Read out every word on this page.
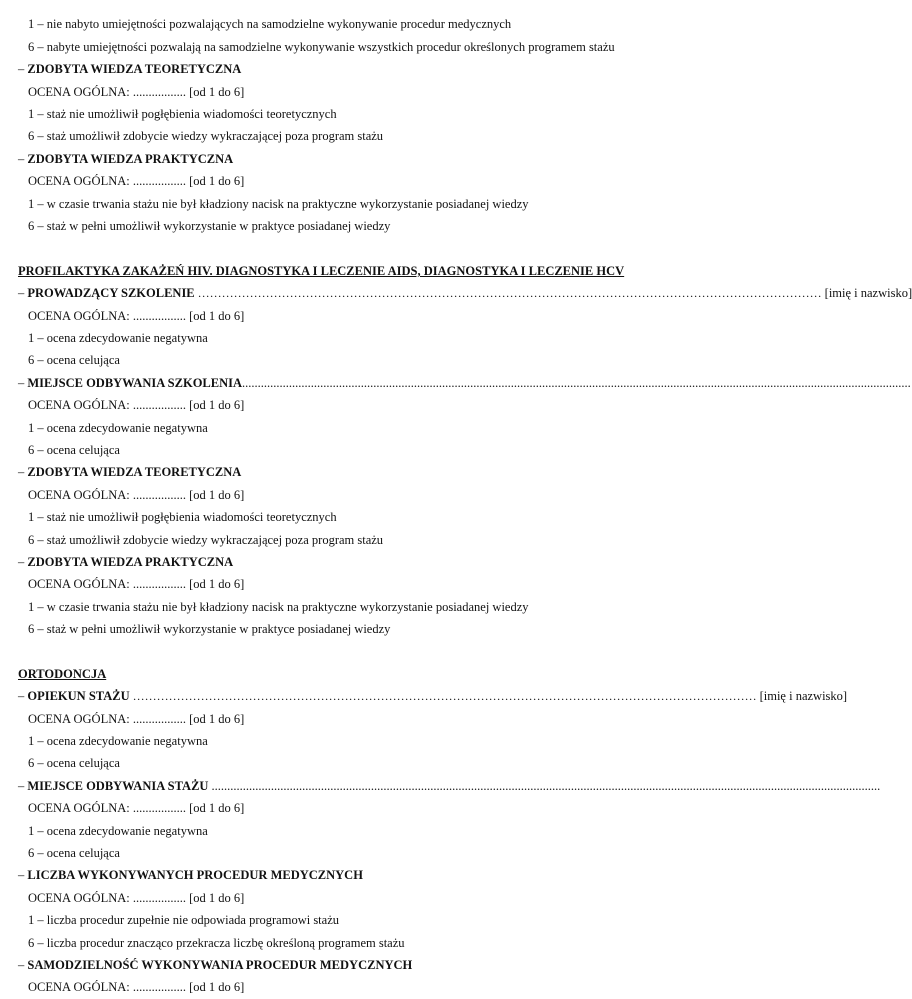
1 – nie nabyto umiejętności pozwalających na samodzielne wykonywanie procedur medycznych
6 – nabyte umiejętności pozwalają na samodzielne wykonywanie wszystkich procedur określonych programem stażu
– ZDOBYTA WIEDZA TEORETYCZNA
OCENA OGÓLNA: ................. [od 1 do 6]
1 – staż nie umożliwił pogłębienia wiadomości teoretycznych
6 – staż umożliwił zdobycie wiedzy wykraczającej poza program stażu
– ZDOBYTA WIEDZA PRAKTYCZNA
OCENA OGÓLNA: ................. [od 1 do 6]
1 – w czasie trwania stażu nie był kładziony nacisk na praktyczne wykorzystanie posiadanej wiedzy
6 – staż w pełni umożliwił wykorzystanie w praktyce posiadanej wiedzy
PROFILAKTYKA ZAKAŻEŃ HIV. DIAGNOSTYKA I LECZENIE AIDS, DIAGNOSTYKA I LECZENIE HCV
– PROWADZĄCY SZKOLENIE ………………………………………………………………………………………………………………………………………… [imię i nazwisko]
OCENA OGÓLNA: ................. [od 1 do 6]
1 – ocena zdecydowanie negatywna
6 – ocena celująca
– MIEJSCE ODBYWANIA SZKOLENIA ......................................................................................................................................................................................................................
OCENA OGÓLNA: ................. [od 1 do 6]
1 – ocena zdecydowanie negatywna
6 – ocena celująca
– ZDOBYTA WIEDZA TEORETYCZNA
OCENA OGÓLNA: ................. [od 1 do 6]
1 – staż nie umożliwił pogłębienia wiadomości teoretycznych
6 – staż umożliwił zdobycie wiedzy wykraczającej poza program stażu
– ZDOBYTA WIEDZA PRAKTYCZNA
OCENA OGÓLNA: ................. [od 1 do 6]
1 – w czasie trwania stażu nie był kładziony nacisk na praktyczne wykorzystanie posiadanej wiedzy
6 – staż w pełni umożliwił wykorzystanie w praktyce posiadanej wiedzy
ORTODONCJA
– OPIEKUN STAŻU ………………………………………………………………………………………………………………………………………… [imię i nazwisko]
OCENA OGÓLNA: ................. [od 1 do 6]
1 – ocena zdecydowanie negatywna
6 – ocena celująca
– MIEJSCE ODBYWANIA STAŻU ......................................................................................................................................................................................................................
OCENA OGÓLNA: ................. [od 1 do 6]
1 – ocena zdecydowanie negatywna
6 – ocena celująca
– LICZBA WYKONYWANYCH PROCEDUR MEDYCZNYCH
OCENA OGÓLNA: ................. [od 1 do 6]
1 – liczba procedur zupełnie nie odpowiada programowi stażu
6 – liczba procedur znacząco przekracza liczbę określoną programem stażu
– SAMODZIELNOŚĆ WYKONYWANIA PROCEDUR MEDYCZNYCH
OCENA OGÓLNA: ................. [od 1 do 6]
